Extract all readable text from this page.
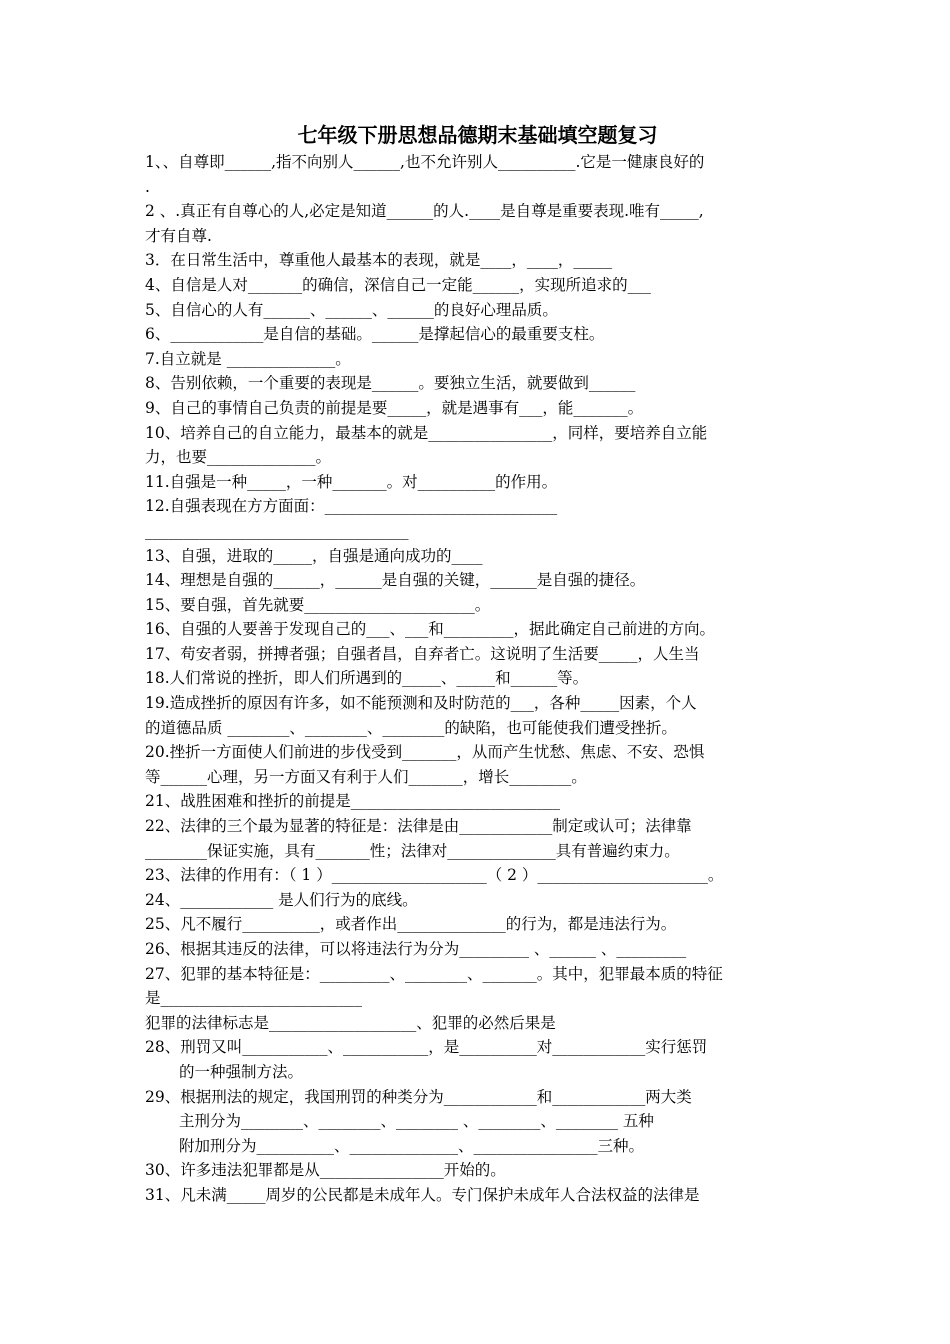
七年级下册思想品德期末基础填空题复习
1、、自尊即______,指不向别人______,也不允许别人__________.它是一健康良好的
.
2 、.真正有自尊心的人,必定是知道______的人.____是自尊是重要表现.唯有_____,
才有自尊.
3．在日常生活中，尊重他人最基本的表现，就是____，____，_____
4、自信是人对_______的确信，深信自己一定能______，实现所追求的___
5、自信心的人有______、______、______的良好心理品质。
6、____________是自信的基础。______是撑起信心的最重要支柱。
7.自立就是 ______________。
8、告别依赖，一个重要的表现是______。要独立生活，就要做到______
9、自己的事情自己负责的前提是要_____，就是遇事有___，能_______。
10、培养自己的自立能力，最基本的就是________________，同样，要培养自立能
力，也要______________。
11.自强是一种_____，一种_______。对__________的作用。
12.自强表现在方方面面：______________________________
__________________________________
13、自强，进取的_____，自强是通向成功的____
14、理想是自强的______，______是自强的关键，______是自强的捷径。
15、要自强，首先就要______________________。
16、自强的人要善于发现自己的___、___和_________，据此确定自己前进的方向。
17、苟安者弱，拼搏者强；自强者昌，自弃者亡。这说明了生活要_____，人生当
18.人们常说的挫折，即人们所遇到的_____、_____和______等。
19.造成挫折的原因有许多，如不能预测和及时防范的___，各种_____因素，个人
的道德品质 ________、________、________的缺陷，也可能使我们遭受挫折。
20.挫折一方面使人们前进的步伐受到_______，从而产生忧愁、焦虑、不安、恐惧
等______心理，另一方面又有利于人们_______，增长________。
21、战胜困难和挫折的前提是___________________________
22、法律的三个最为显著的特征是：法律是由____________制定或认可；法律靠
________保证实施，具有_______性；法律对______________具有普遍约束力。
23、法律的作用有：（ 1 ）____________________（ 2 ）______________________。
24、____________ 是人们行为的底线。
25、凡不履行__________，或者作出______________的行为，都是违法行为。
26、根据其违反的法律，可以将违法行为分为_________ 、______ 、_________
27、犯罪的基本特征是：_________、________、_______。其中，犯罪最本质的特征
是__________________________
犯罪的法律标志是___________________、犯罪的必然后果是
28、刑罚又叫___________、___________，是__________对____________实行惩罚
的一种强制方法。
29、根据刑法的规定，我国刑罚的种类分为____________和____________两大类
主刑分为________、________、________ 、________、________ 五种
附加刑分为__________、______________、________________三种。
30、许多违法犯罪都是从________________开始的。
31、凡未满_____周岁的公民都是未成年人。专门保护未成年人合法权益的法律是
